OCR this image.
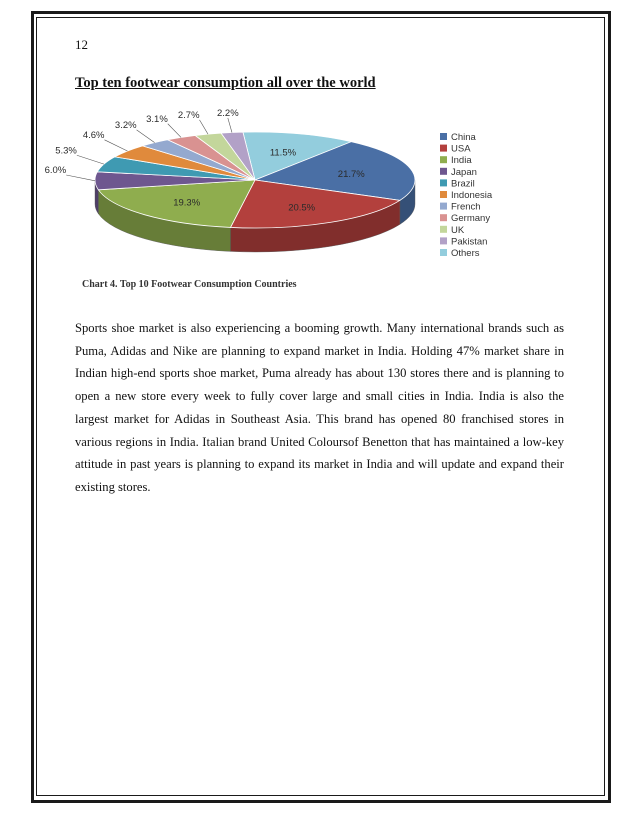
12
Top ten footwear consumption all over the world
11.5%
21.7%
20.5%
19.3%
6.0%
5.3%
4.6%
3.2%
3.1% 2.7% 2.2%
China
USA
India
Japan
Brazil
Indonesia
French
Germany
UK
Pakistan
Others
Chart 4. Top 10 Footwear Consumption Countries
Sports shoe market is also experiencing a booming growth. Many international brands such as Puma, Adidas and Nike are planning to expand market in India. Holding 47% market share in Indian high-end sports shoe market, Puma already has about 130 stores there and is planning to open a new store every week to fully cover large and small cities in India. India is also the largest market for Adidas in Southeast Asia. This brand has opened 80 franchised stores in various regions in India. Italian brand United Coloursof Benetton that has maintained a low-key attitude in past years is planning to expand its market in India and will update and expand their existing stores.
